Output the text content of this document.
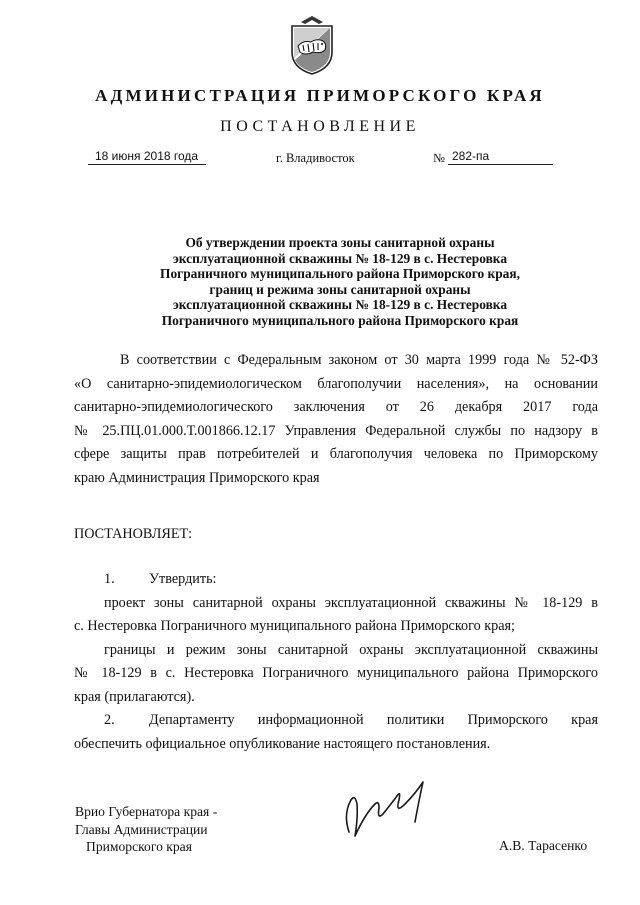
АДМИНИСТРАЦИЯ ПРИМОРСКОГО КРАЯ
ПОСТАНОВЛЕНИЕ
18 июня 2018 года	г. Владивосток	№ 282-па
Об утверждении проекта зоны санитарной охраны
эксплуатационной скважины № 18-129 в с. Нестеровка
Пограничного муниципального района Приморского края,
границ и режима зоны санитарной охраны
эксплуатационной скважины № 18-129 в с. Нестеровка
Пограничного муниципального района Приморского края
В соответствии с Федеральным законом от 30 марта 1999 года № 52-ФЗ
«О санитарно-эпидемиологическом благополучии населения», на основании
санитарно-эпидемиологического заключения от 26 декабря 2017 года
№ 25.ПЦ.01.000.Т.001866.12.17 Управления Федеральной службы по надзору в
сфере защиты прав потребителей и благополучия человека по Приморскому
краю Администрация Приморского края
ПОСТАНОВЛЯЕТ:
1. Утвердить:
проект зоны санитарной охраны эксплуатационной скважины № 18-129 в
с. Нестеровка Пограничного муниципального района Приморского края;
границы и режим зоны санитарной охраны эксплуатационной скважины
№ 18-129 в с. Нестеровка Пограничного муниципального района Приморского
края (прилагаются).
2. Департаменту информационной политики Приморского края
обеспечить официальное опубликование настоящего постановления.
Врио Губернатора края -
Главы Администрации
Приморского края	А.В. Тарасенко
